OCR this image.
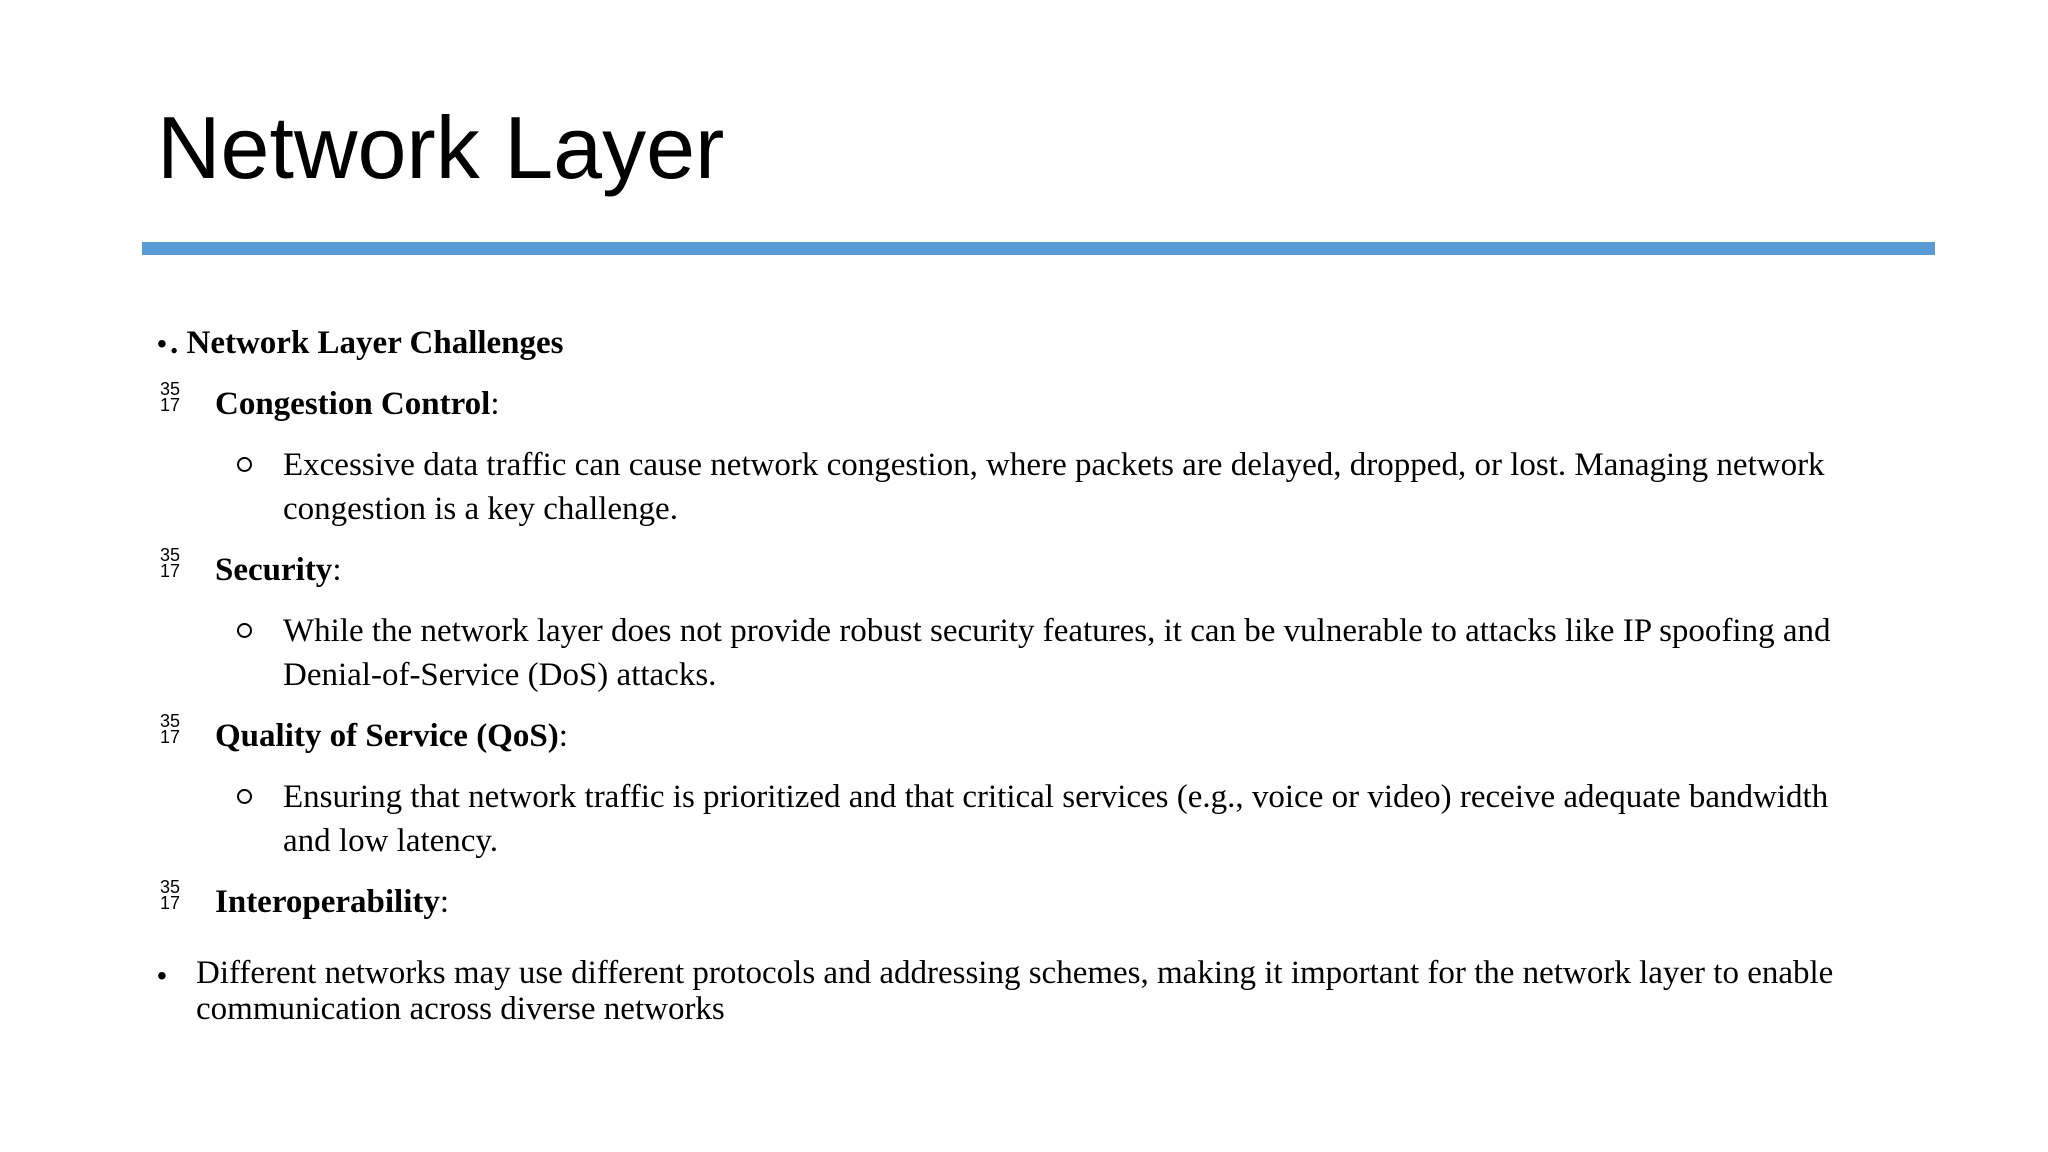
Network Layer
• . Network Layer Challenges
35
17 Congestion Control:
Excessive data traffic can cause network congestion, where packets are delayed, dropped, or lost. Managing network
congestion is a key challenge.
35
17 Security:
While the network layer does not provide robust security features, it can be vulnerable to attacks like IP spoofing and
Denial-of-Service (DoS) attacks.
35
17 Quality of Service (QoS):
Ensuring that network traffic is prioritized and that critical services (e.g., voice or video) receive adequate bandwidth
and low latency.
35
17 Interoperability:
• Different networks may use different protocols and addressing schemes, making it important for the network layer to enable
communication across diverse networks
